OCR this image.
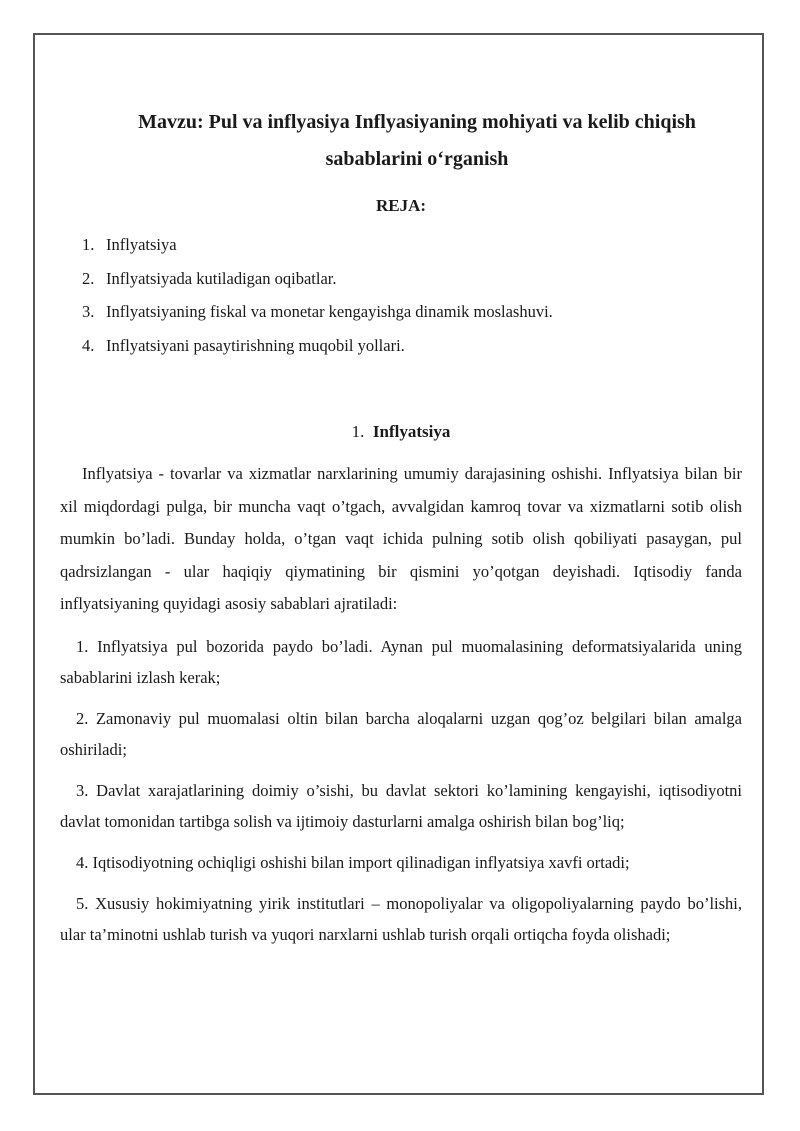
Mavzu: Pul va inflyasiya Inflyasiyaning mohiyati va kelib chiqish sabablarini o‘rganish
REJA:
1. Inflyatsiya
2. Inflyatsiyada kutiladigan oqibatlar.
3. Inflyatsiyaning fiskal va monetar kengayishga dinamik moslashuvi.
4. Inflyatsiyani pasaytirishning muqobil yollari.
1. Inflyatsiya

Inflyatsiya - tovarlar va xizmatlar narxlarining umumiy darajasining oshishi. Inflyatsiya bilan bir xil miqdordagi pulga, bir muncha vaqt o’tgach, avvalgidan kamroq tovar va xizmatlarni sotib olish mumkin bo’ladi. Bunday holda, o’tgan vaqt ichida pulning sotib olish qobiliyati pasaygan, pul qadrsizlangan - ular haqiqiy qiymatining bir qismini yo’qotgan deyishadi. Iqtisodiy fanda inflyatsiyaning quyidagi asosiy sabablari ajratiladi:

1. Inflyatsiya pul bozorida paydo bo’ladi. Aynan pul muomalasining deformatsiyalarida uning sabablarini izlash kerak;

2. Zamonaviy pul muomalasi oltin bilan barcha aloqalarni uzgan qog’oz belgilari bilan amalga oshiriladi;

3. Davlat xarajatlarining doimiy o’sishi, bu davlat sektori ko’lamining kengayishi, iqtisodiyotni davlat tomonidan tartibga solish va ijtimoiy dasturlarni amalga oshirish bilan bog’liq;

4. Iqtisodiyotning ochiqligi oshishi bilan import qilinadigan inflyatsiya xavfi ortadi;

5. Xususiy hokimiyatning yirik institutlari – monopoliyalar va oligopoliyalarning paydo bo’lishi, ular ta’minotni ushlab turish va yuqori narxlarni ushlab turish orqali ortiqcha foyda olishadi;
